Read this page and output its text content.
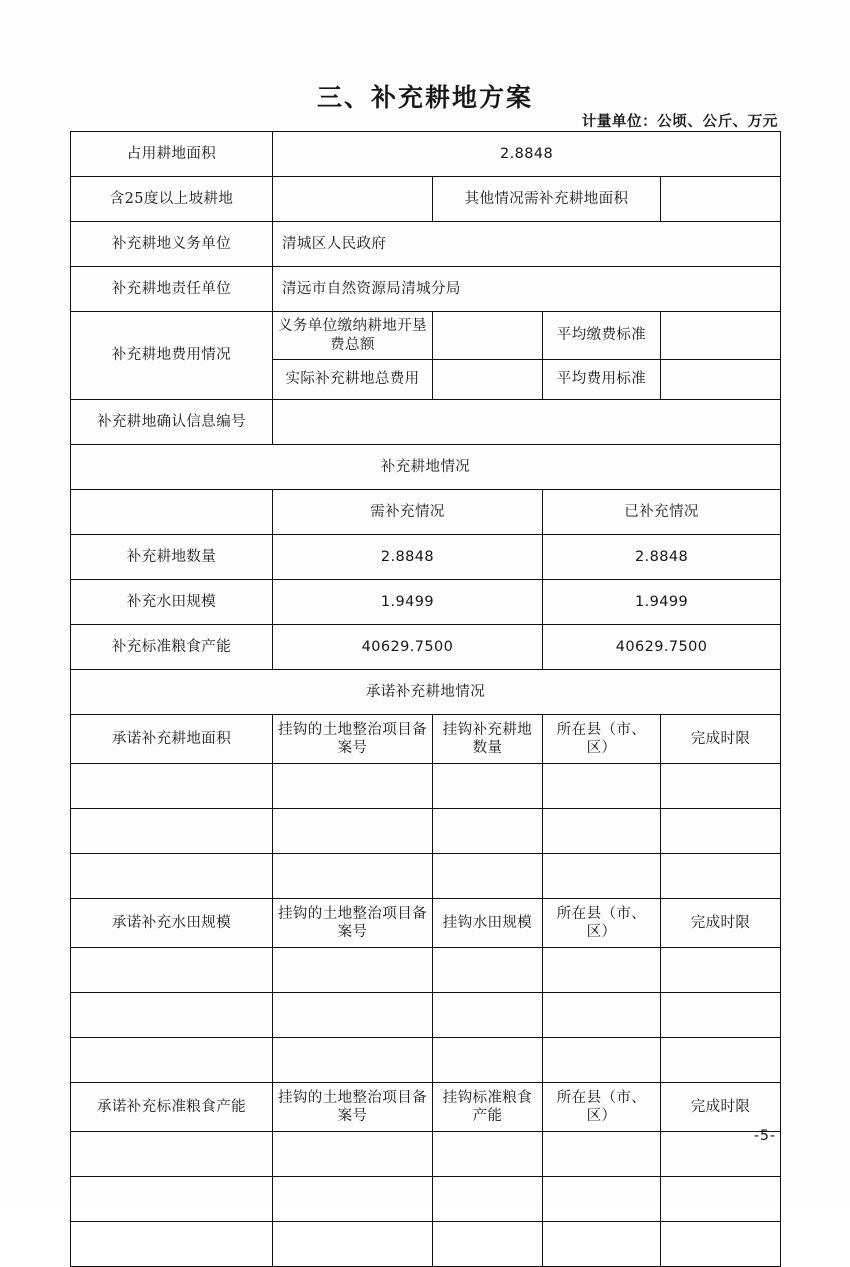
三、补充耕地方案
计量单位：公顷、公斤、万元
占用耕地面积	2.8848			
含25度以上坡耕地		其他情况需补充耕地面积		
补充耕地义务单位	清城区人民政府			
补充耕地责任单位	清远市自然资源局清城分局			
补充耕地费用情况	义务单位缴纳耕地开垦费总额		平均缴费标准	
	实际补充耕地总费用		平均费用标准	
补充耕地确认信息编号				
补充耕地情况				
	需补充情况		已补充情况	
补充耕地数量	2.8848		2.8848	
补充水田规模	1.9499		1.9499	
补充标准粮食产能	40629.7500		40629.7500	
承诺补充耕地情况				
承诺补充耕地面积	挂钩的土地整治项目备案号	挂钩补充耕地数量	所在县（市、区）	完成时限

承诺补充水田规模	挂钩的土地整治项目备案号	挂钩水田规模	所在县（市、区）	完成时限

承诺补充标准粮食产能	挂钩的土地整治项目备案号	挂钩标准粮食产能	所在县（市、区）	完成时限

-5-
